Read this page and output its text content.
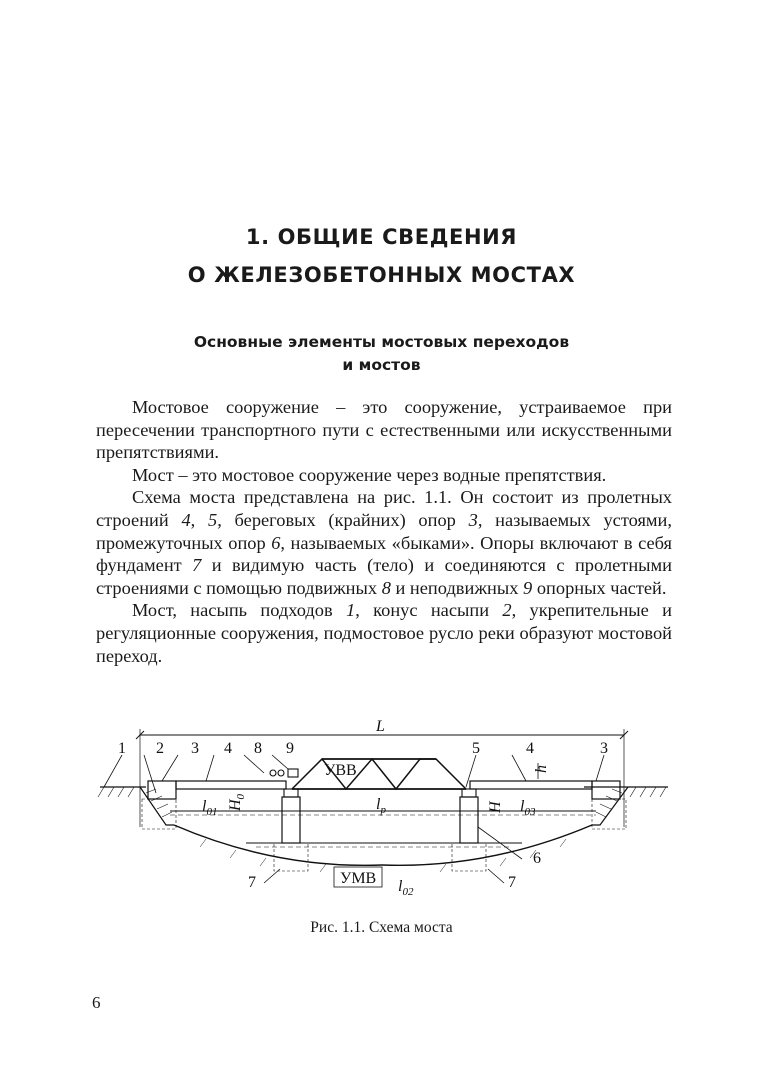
1. ОБЩИЕ СВЕДЕНИЯ
О ЖЕЛЕЗОБЕТОННЫХ МОСТАХ
Основные элементы мостовых переходов
и мостов

Мостовое сооружение – это сооружение, устраиваемое при пересечении транспортного пути с естественными или искусственными препятствиями.

Мост – это мостовое сооружение через водные препятствия.

Схема моста представлена на рис. 1.1. Он состоит из пролетных строений 4, 5, береговых (крайних) опор 3, называемых устоями, промежуточных опор 6, называемых «быками». Опоры включают в себя фундамент 7 и видимую часть (тело) и соединяются с пролетными строениями с помощью подвижных 8 и неподвижных 9 опорных частей.

Мост, насыпь подходов 1, конус насыпи 2, укрепительные и регуляционные сооружения, подмостовое русло реки образуют мостовой переход.

L
1 2 3 4 8 9	5	4	3
6
7	7
УВВ
УМВ
h
$H_0$
H
$l_{01}$	$l_р$	$l_{03}$
$l_{02}$

Рис. 1.1. Схема моста

6
